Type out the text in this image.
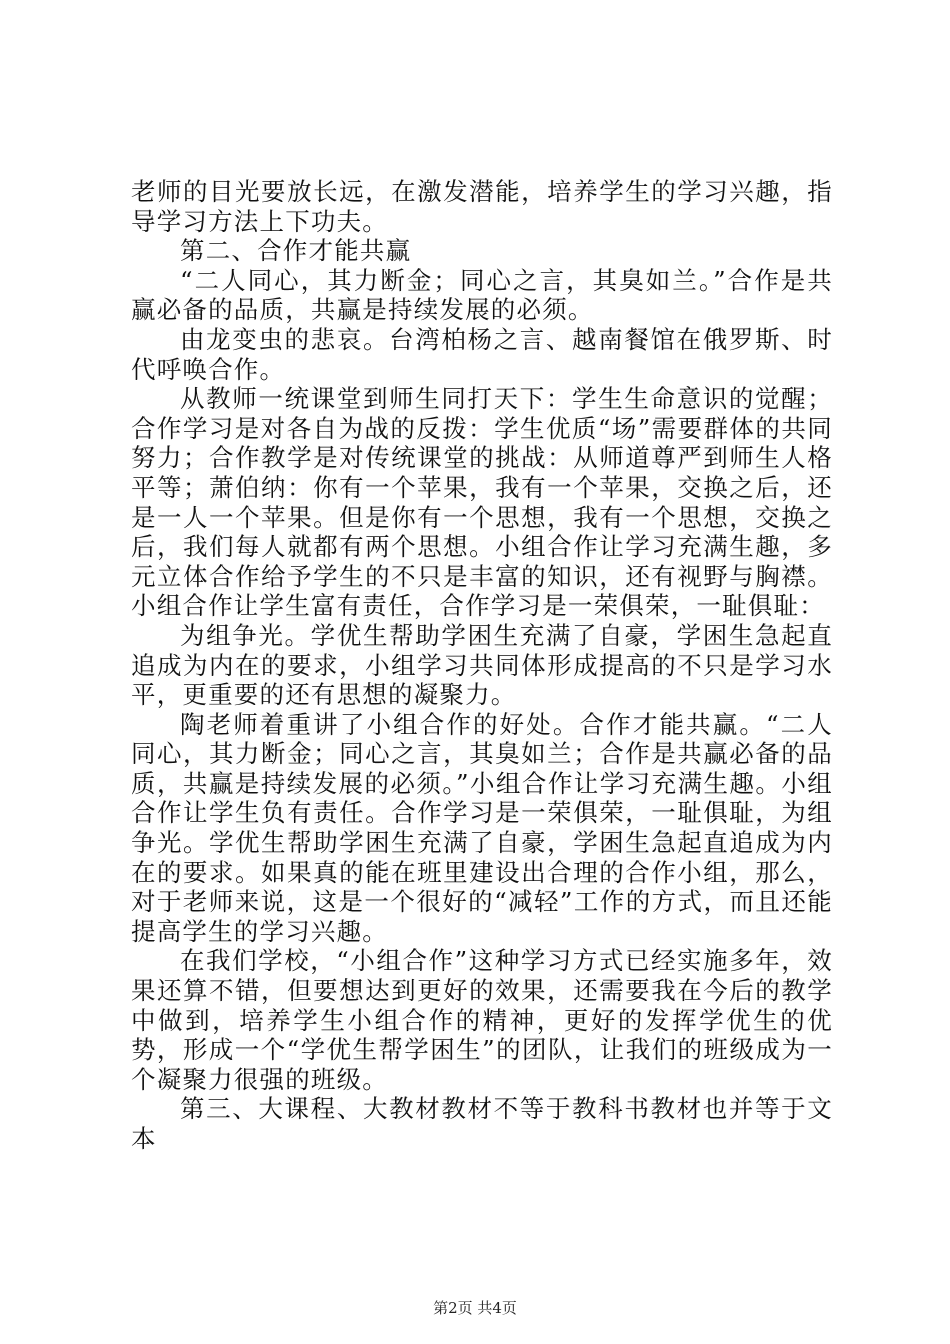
老师的目光要放长远，在激发潜能，培养学生的学习兴趣，指导学习方法上下功夫。

第二、合作才能共赢

“二人同心，其力断金；同心之言，其臭如兰。”合作是共赢必备的品质，共赢是持续发展的必须。

由龙变虫的悲哀。台湾柏杨之言、越南餐馆在俄罗斯、时代呼唤合作。

从教师一统课堂到师生同打天下：学生生命意识的觉醒；合作学习是对各自为战的反拨：学生优质“场”需要群体的共同努力；合作教学是对传统课堂的挑战：从师道尊严到师生人格平等；萧伯纳：你有一个苹果，我有一个苹果，交换之后，还是一人一个苹果。但是你有一个思想，我有一个思想，交换之后，我们每人就都有两个思想。小组合作让学习充满生趣，多元立体合作给予学生的不只是丰富的知识，还有视野与胸襟。小组合作让学生富有责任，合作学习是一荣俱荣，一耻俱耻：

为组争光。学优生帮助学困生充满了自豪，学困生急起直追成为内在的要求，小组学习共同体形成提高的不只是学习水平，更重要的还有思想的凝聚力。

陶老师着重讲了小组合作的好处。合作才能共赢。“二人同心，其力断金；同心之言，其臭如兰；合作是共赢必备的品质，共赢是持续发展的必须。”小组合作让学习充满生趣。小组合作让学生负有责任。合作学习是一荣俱荣，一耻俱耻，为组争光。学优生帮助学困生充满了自豪，学困生急起直追成为内在的要求。如果真的能在班里建设出合理的合作小组，那么，对于老师来说，这是一个很好的“减轻”工作的方式，而且还能提高学生的学习兴趣。

在我们学校，“小组合作”这种学习方式已经实施多年，效果还算不错，但要想达到更好的效果，还需要我在今后的教学中做到，培养学生小组合作的精神，更好的发挥学优生的优势，形成一个“学优生帮学困生”的团队，让我们的班级成为一个凝聚力很强的班级。

第三、大课程、大教材教材不等于教科书教材也并等于文本

第2页 共4页
